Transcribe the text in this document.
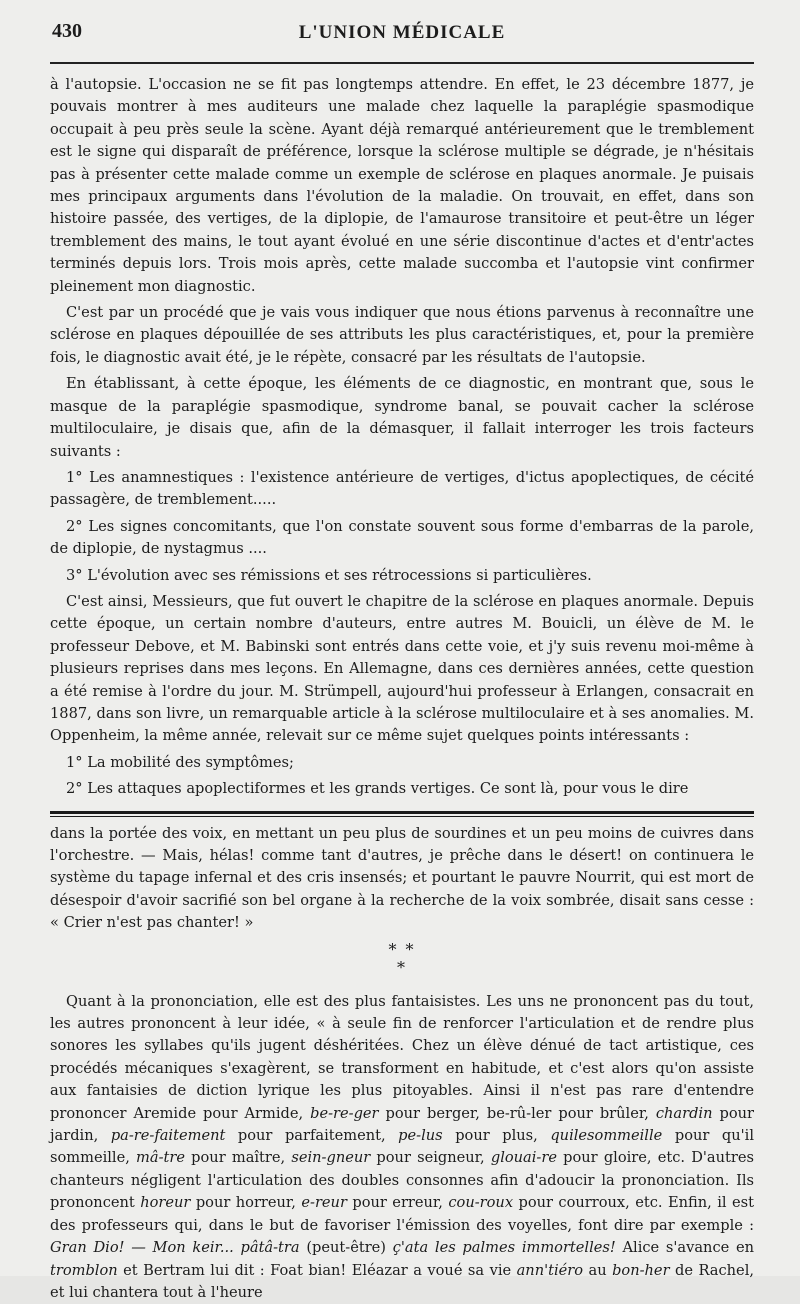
430	L'UNION MÉDICALE

à l'autopsie. L'occasion ne se fit pas longtemps attendre. En effet, le 23 décembre 1877, je pouvais montrer à mes auditeurs une malade chez laquelle la paraplégie spasmodique occupait à peu près seule la scène. Ayant déjà remarqué antérieurement que le tremblement est le signe qui disparaît de préférence, lorsque la sclérose multiple se dégrade, je n'hésitais pas à présenter cette malade comme un exemple de sclérose en plaques anormale. Je puisais mes principaux arguments dans l'évolution de la maladie. On trouvait, en effet, dans son histoire passée, des vertiges, de la diplopie, de l'amaurose transitoire et peut-être un léger tremblement des mains, le tout ayant évolué en une série discontinue d'actes et d'entr'actes terminés depuis lors. Trois mois après, cette malade succomba et l'autopsie vint confirmer pleinement mon diagnostic.

C'est par un procédé que je vais vous indiquer que nous étions parvenus à reconnaître une sclérose en plaques dépouillée de ses attributs les plus caractéristiques, et, pour la première fois, le diagnostic avait été, je le répète, consacré par les résultats de l'autopsie.

En établissant, à cette époque, les éléments de ce diagnostic, en montrant que, sous le masque de la paraplégie spasmodique, syndrome banal, se pouvait cacher la sclérose multiloculaire, je disais que, afin de la démasquer, il fallait interroger les trois facteurs suivants :

1° Les anamnestiques : l'existence antérieure de vertiges, d'ictus apoplectiques, de cécité passagère, de tremblement.....

2° Les signes concomitants, que l'on constate souvent sous forme d'embarras de la parole, de diplopie, de nystagmus ....

3° L'évolution avec ses rémissions et ses rétrocessions si particulières.

C'est ainsi, Messieurs, que fut ouvert le chapitre de la sclérose en plaques anormale. Depuis cette époque, un certain nombre d'auteurs, entre autres M. Bouicli, un élève de M. le professeur Debove, et M. Babinski sont entrés dans cette voie, et j'y suis revenu moi-même à plusieurs reprises dans mes leçons. En Allemagne, dans ces dernières années, cette question a été remise à l'ordre du jour. M. Strümpell, aujourd'hui professeur à Erlangen, consacrait en 1887, dans son livre, un remarquable article à la sclérose multiloculaire et à ses anomalies. M. Oppenheim, la même année, relevait sur ce même sujet quelques points intéressants :

1° La mobilité des symptômes;

2° Les attaques apoplectiformes et les grands vertiges. Ce sont là, pour vous le dire

dans la portée des voix, en mettant un peu plus de sourdines et un peu moins de cuivres dans l'orchestre. — Mais, hélas! comme tant d'autres, je prêche dans le désert! on continuera le système du tapage infernal et des cris insensés; et pourtant le pauvre Nourrit, qui est mort de désespoir d'avoir sacrifié son bel organe à la recherche de la voix sombrée, disait sans cesse : « Crier n'est pas chanter! »

* *
*

Quant à la prononciation, elle est des plus fantaisistes. Les uns ne prononcent pas du tout, les autres prononcent à leur idée, « à seule fin de renforcer l'articulation et de rendre plus sonores les syllabes qu'ils jugent déshéritées. Chez un élève dénué de tact artistique, ces procédés mécaniques s'exagèrent, se transforment en habitude, et c'est alors qu'on assiste aux fantaisies de diction lyrique les plus pitoyables. Ainsi il n'est pas rare d'entendre prononcer Aremide pour Armide, be-re-ger pour berger, be-rû-ler pour brûler, chardin pour jardin, pa-re-faitement pour parfaitement, pe-lus pour plus, quilesommeille pour qu'il sommeille, mâ-tre pour maître, sein-gneur pour seigneur, glouai-re pour gloire, etc. D'autres chanteurs négligent l'articulation des doubles consonnes afin d'adoucir la prononciation. Ils prononcent horeur pour horreur, e-reur pour erreur, cou-roux pour courroux, etc. Enfin, il est des professeurs qui, dans le but de favoriser l'émission des voyelles, font dire par exemple : Gran Dio! — Mon keir... pâtâ-tra (peut-être) ç'ata les palmes immortelles! Alice s'avance en tromblon et Bertram lui dit : Foat bian! Eléazar a voué sa vie ann'tiéro au bon-her de Rachel, et lui chantera tout à l'heure
